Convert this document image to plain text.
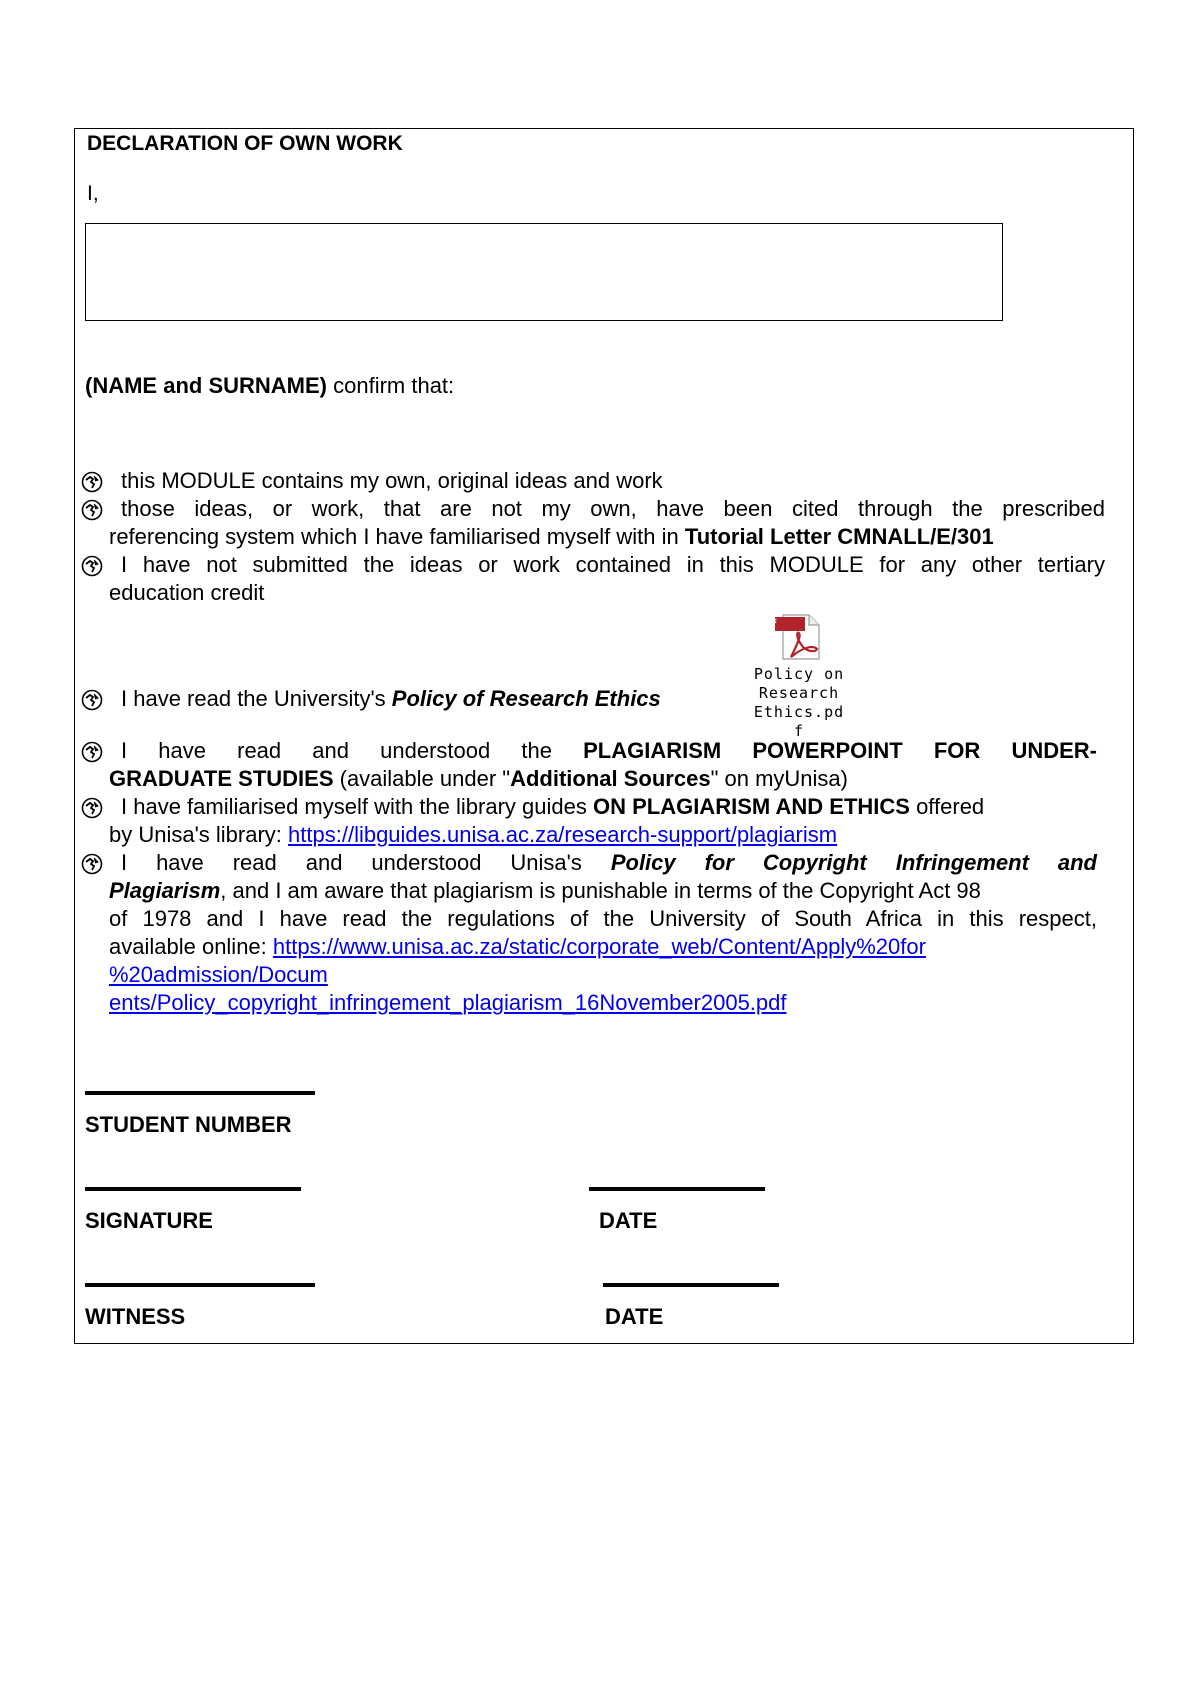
DECLARATION OF OWN WORK
I,
(NAME and SURNAME) confirm that:
this MODULE contains my own, original ideas and work
those ideas, or work, that are not my own, have been cited through the prescribed
referencing system which I have familiarised myself with in Tutorial Letter CMNALL/E/301
I have not submitted the ideas or work contained in this MODULE for any other tertiary
education credit
PDF
Policy on
Research
Ethics.pd
f
I have read the University's Policy of Research Ethics
I have read and understood the PLAGIARISM POWERPOINT FOR UNDER-
GRADUATE STUDIES (available under "Additional Sources" on myUnisa)
I have familiarised myself with the library guides ON PLAGIARISM AND ETHICS offered
by Unisa's library: https://libguides.unisa.ac.za/research-support/plagiarism
I have read and understood Unisa's Policy for Copyright Infringement and
Plagiarism, and I am aware that plagiarism is punishable in terms of the Copyright Act 98
of 1978 and I have read the regulations of the University of South Africa in this respect,
available online: https://www.unisa.ac.za/static/corporate_web/Content/Apply%20for
%20admission/Docum
ents/Policy_copyright_infringement_plagiarism_16November2005.pdf
STUDENT NUMBER
SIGNATURE	DATE
WITNESS	DATE
